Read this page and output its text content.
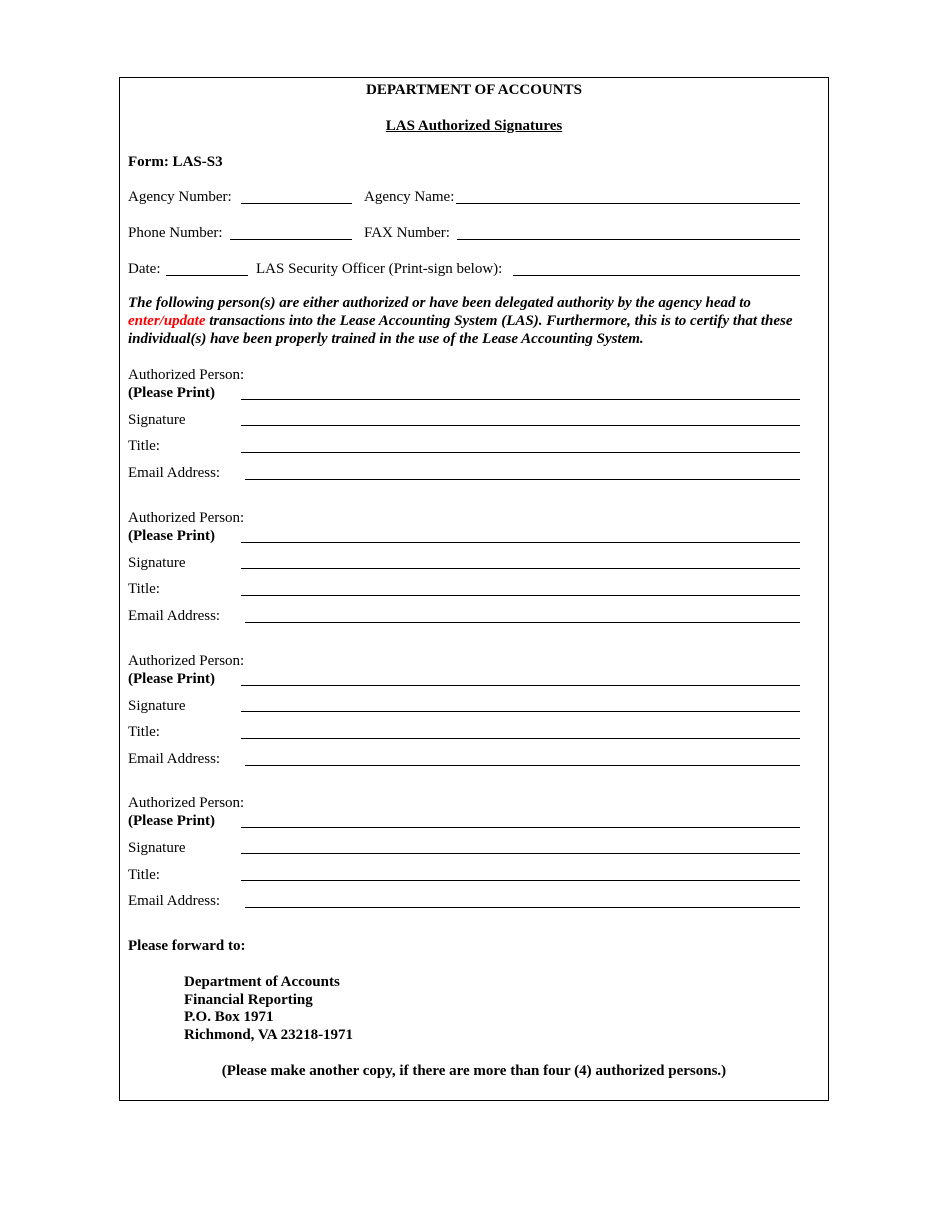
DEPARTMENT OF ACCOUNTS
LAS Authorized Signatures
Form: LAS-S3
Agency Number:	Agency Name:
Phone Number:	FAX Number:
Date:	LAS Security Officer (Print-sign below):
The following person(s) are either authorized or have been delegated authority by the agency head to enter/update transactions into the Lease Accounting System (LAS). Furthermore, this is to certify that these individual(s) have been properly trained in the use of the Lease Accounting System.
Authorized Person:
(Please Print)
Signature
Title:
Email Address:
Authorized Person:
(Please Print)
Signature
Title:
Email Address:
Authorized Person:
(Please Print)
Signature
Title:
Email Address:
Authorized Person:
(Please Print)
Signature
Title:
Email Address:
Please forward to:
Department of Accounts
Financial Reporting
P.O. Box 1971
Richmond, VA 23218-1971
(Please make another copy, if there are more than four (4) authorized persons.)
